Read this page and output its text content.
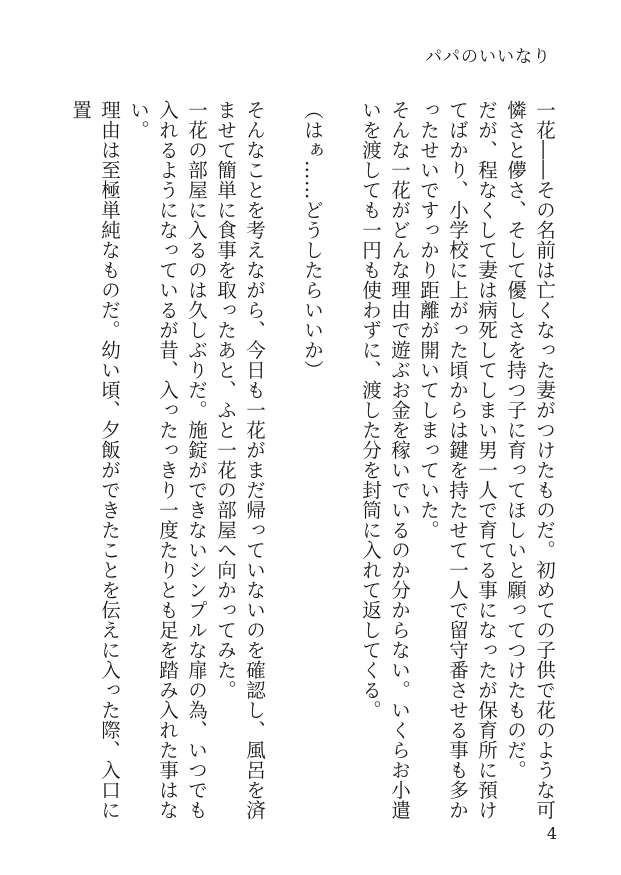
パパのいいなり

一花――その名前は亡くなった妻がつけたものだ。初めての子供で花のような可憐さと儚さ、そして優しさを持つ子に育ってほしいと願ってつけたものだ。

だが、程なくして妻は病死してしまい男一人で育てる事になったが保育所に預けてばかり、小学校に上がった頃からは鍵を持たせて一人で留守番させる事も多かったせいですっかり距離が開いてしまっていた。

そんな一花がどんな理由で遊ぶお金を稼いでいるのか分からない。いくらお小遣いを渡しても一円も使わずに、渡した分を封筒に入れて返してくる。

（はぁ……どうしたらいいか）

そんなことを考えながら、今日も一花がまだ帰っていないのを確認し、風呂を済ませて簡単に食事を取ったあと、ふと一花の部屋へ向かってみた。

一花の部屋に入るのは久しぶりだ。施錠ができないシンプルな扉の為、いつでも入れるようになっているが昔、入ったっきり一度たりとも足を踏み入れた事はない。

理由は至極単純なものだ。幼い頃、夕飯ができたことを伝えに入った際、入口に置

4
